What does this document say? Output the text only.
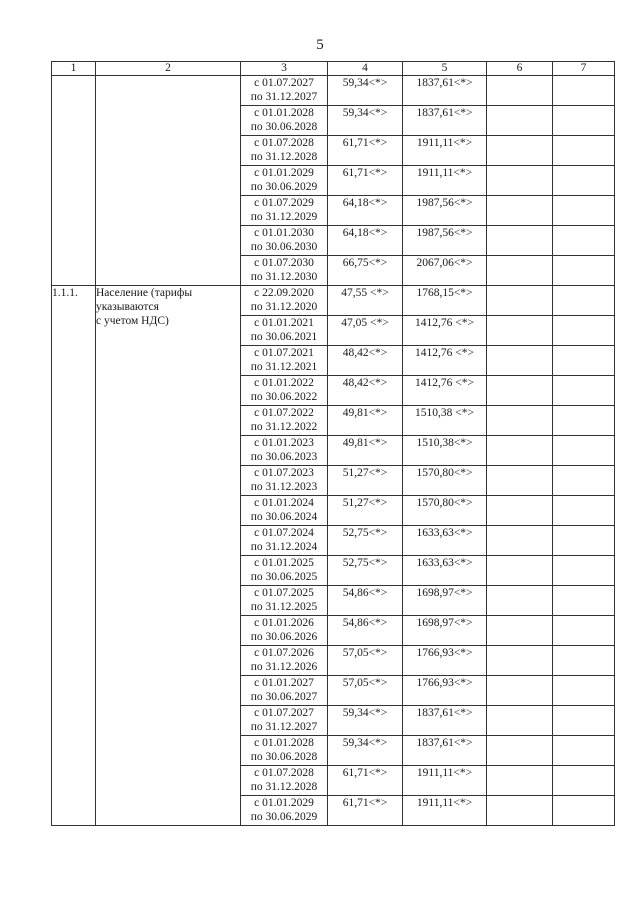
5
1	2	3	4	5	6	7

		с 01.07.2027
по 31.12.2027	59,34<*>	1837,61<*>		

		с 01.01.2028
по 30.06.2028	59,34<*>	1837,61<*>		

		с 01.07.2028
по 31.12.2028	61,71<*>	1911,11<*>		

		с 01.01.2029
по 30.06.2029	61,71<*>	1911,11<*>		

		с 01.07.2029
по 31.12.2029	64,18<*>	1987,56<*>		

		с 01.01.2030
по 30.06.2030	64,18<*>	1987,56<*>		

		с 01.07.2030
по 31.12.2030	66,75<*>	2067,06<*>		
1.1.1.	Население (тарифы
указываются
с учетом НДС)	с 22.09.2020
по 31.12.2020	47,55 <*>	1768,15<*>		

		с 01.01.2021
по 30.06.2021	47,05 <*>	1412,76 <*>		

		с 01.07.2021
по 31.12.2021	48,42<*>	1412,76 <*>		

		с 01.01.2022
по 30.06.2022	48,42<*>	1412,76 <*>		

		с 01.07.2022
по 31.12.2022	49,81<*>	1510,38 <*>		

		с 01.01.2023
по 30.06.2023	49,81<*>	1510,38<*>		

		с 01.07.2023
по 31.12.2023	51,27<*>	1570,80<*>		

		с 01.01.2024
по 30.06.2024	51,27<*>	1570,80<*>		

		с 01.07.2024
по 31.12.2024	52,75<*>	1633,63<*>		

		с 01.01.2025
по 30.06.2025	52,75<*>	1633,63<*>		

		с 01.07.2025
по 31.12.2025	54,86<*>	1698,97<*>		

		с 01.01.2026
по 30.06.2026	54,86<*>	1698,97<*>		

		с 01.07.2026
по 31.12.2026	57,05<*>	1766,93<*>		

		с 01.01.2027
по 30.06.2027	57,05<*>	1766,93<*>		

		с 01.07.2027
по 31.12.2027	59,34<*>	1837,61<*>		

		с 01.01.2028
по 30.06.2028	59,34<*>	1837,61<*>		

		с 01.07.2028
по 31.12.2028	61,71<*>	1911,11<*>		

		с 01.01.2029
по 30.06.2029	61,71<*>	1911,11<*>		
